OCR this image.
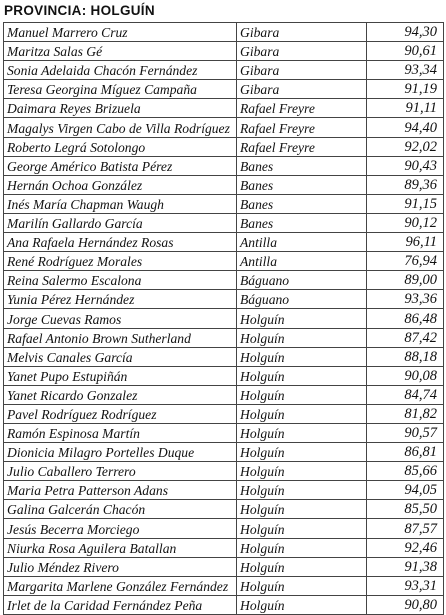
PROVINCIA: HOLGUÍN
Manuel Marrero Cruz	Gibara	94,30
Maritza Salas Gé	Gibara	90,61
Sonia Adelaida Chacón Fernández	Gibara	93,34
Teresa Georgina Míguez Campaña	Gibara	91,19
Daimara Reyes Brizuela	Rafael Freyre	91,11
Magalys Virgen Cabo de Villa Rodríguez	Rafael Freyre	94,40
Roberto Legrá Sotolongo	Rafael Freyre	92,02
George Américo Batista Pérez	Banes	90,43
Hernán Ochoa González	Banes	89,36
Inés María Chapman Waugh	Banes	91,15
Marilín Gallardo García	Banes	90,12
Ana Rafaela Hernández Rosas	Antilla	96,11
René Rodríguez Morales	Antilla	76,94
Reina Salermo Escalona	Báguano	89,00
Yunia Pérez Hernández	Báguano	93,36
Jorge Cuevas Ramos	Holguín	86,48
Rafael Antonio Brown Sutherland	Holguín	87,42
Melvis Canales García	Holguín	88,18
Yanet Pupo Estupiñán	Holguín	90,08
Yanet Ricardo Gonzalez	Holguín	84,74
Pavel Rodríguez Rodríguez	Holguín	81,82
Ramón Espinosa Martín	Holguín	90,57
Dionicia Milagro Portelles Duque	Holguín	86,81
Julio Caballero Terrero	Holguín	85,66
Maria Petra Patterson Adans	Holguín	94,05
Galina Galcerán Chacón	Holguín	85,50
Jesús Becerra Morciego	Holguín	87,57
Niurka Rosa Aguilera Batallan	Holguín	92,46
Julio Méndez Rivero	Holguín	91,38
Margarita Marlene González Fernández	Holguín	93,31
Irlet de la Caridad Fernández Peña	Holguín	90,80
